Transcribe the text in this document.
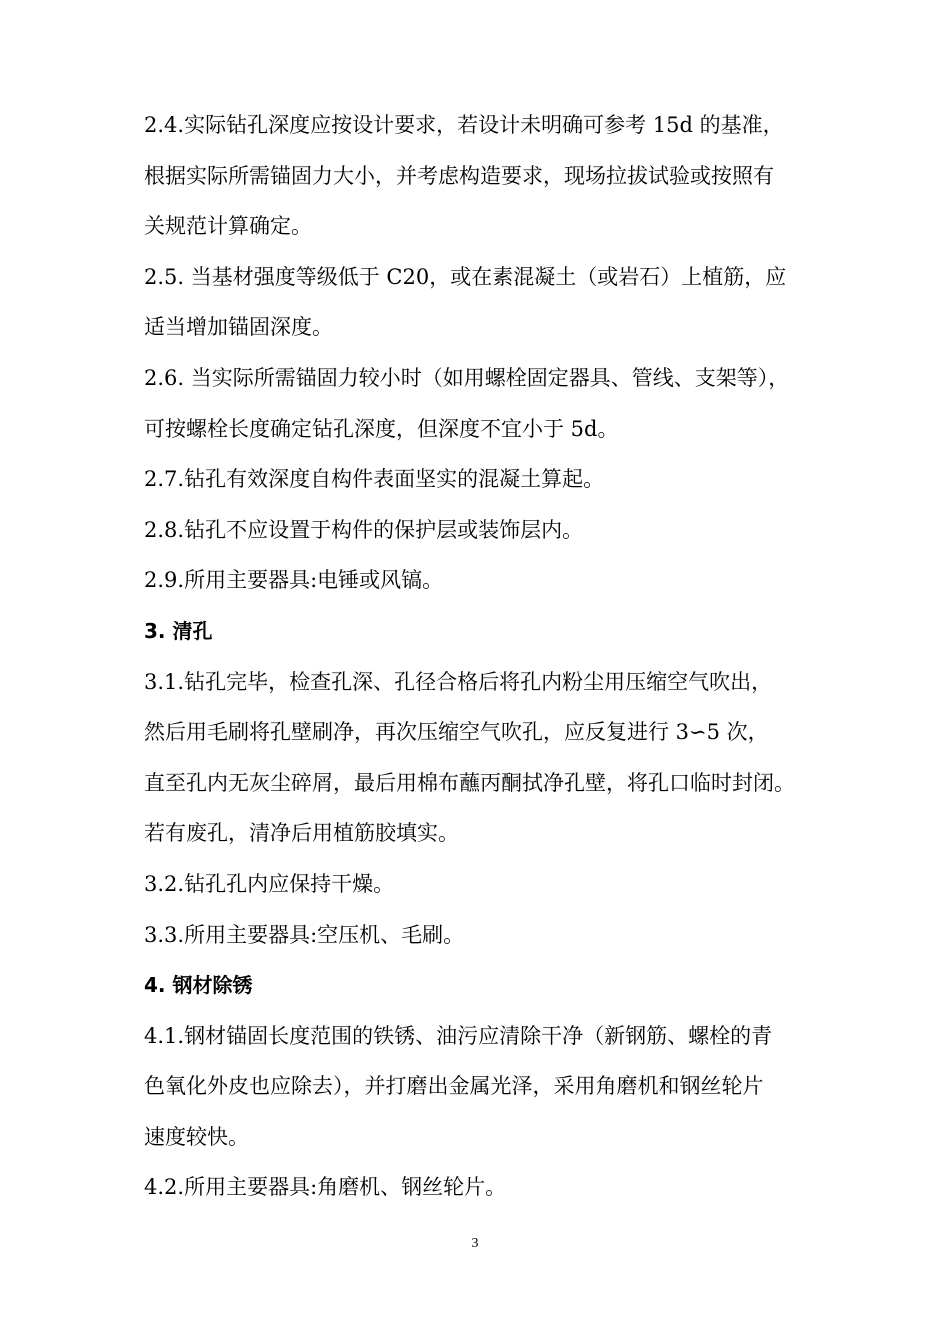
2.4.实际钻孔深度应按设计要求，若设计未明确可参考 15d 的基准，
根据实际所需锚固力大小，并考虑构造要求，现场拉拔试验或按照有
关规范计算确定。
2.5. 当基材强度等级低于 C20，或在素混凝土（或岩石）上植筋，应
适当增加锚固深度。
2.6. 当实际所需锚固力较小时（如用螺栓固定器具、管线、支架等），
可按螺栓长度确定钻孔深度，但深度不宜小于 5d。
2.7.钻孔有效深度自构件表面坚实的混凝土算起。
2.8.钻孔不应设置于构件的保护层或装饰层内。
2.9.所用主要器具:电锤或风镐。
3. 清孔
3.1.钻孔完毕，检查孔深、孔径合格后将孔内粉尘用压缩空气吹出，
然后用毛刷将孔壁刷净，再次压缩空气吹孔，应反复进行 3∽5 次，
直至孔内无灰尘碎屑，最后用棉布蘸丙酮拭净孔壁，将孔口临时封闭。
若有废孔，清净后用植筋胶填实。
3.2.钻孔孔内应保持干燥。
3.3.所用主要器具:空压机、毛刷。
4. 钢材除锈
4.1.钢材锚固长度范围的铁锈、油污应清除干净（新钢筋、螺栓的青
色氧化外皮也应除去），并打磨出金属光泽，采用角磨机和钢丝轮片
速度较快。
4.2.所用主要器具:角磨机、钢丝轮片。
3
